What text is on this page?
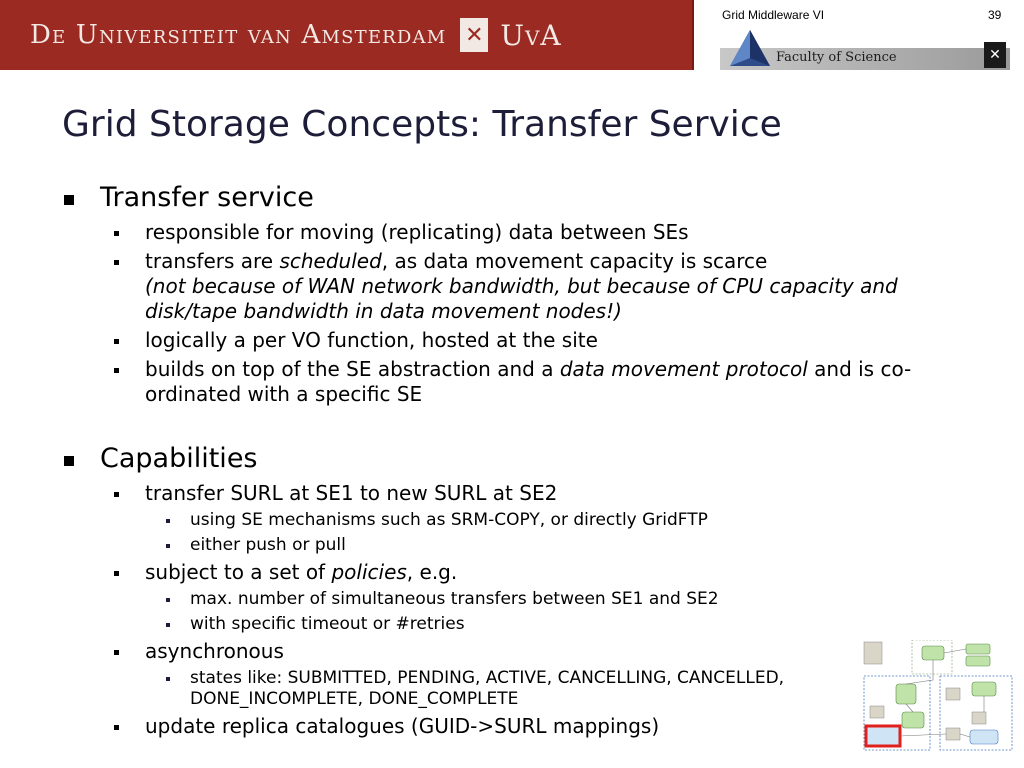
De Universiteit van Amsterdam ✕ UvA
Grid Middleware VI	39
Faculty of Science	✕
Grid Storage Concepts: Transfer Service
Transfer service
responsible for moving (replicating) data between SEs
transfers are scheduled, as data movement capacity is scarce
(not because of WAN network bandwidth, but because of CPU capacity and disk/tape bandwidth in data movement nodes!)
logically a per VO function, hosted at the site
builds on top of the SE abstraction and a data movement protocol and is co-ordinated with a specific SE
Capabilities
transfer SURL at SE1 to new SURL at SE2
using SE mechanisms such as SRM-COPY, or directly GridFTP
either push or pull
subject to a set of policies, e.g.
max. number of simultaneous transfers between SE1 and SE2
with specific timeout or #retries
asynchronous
states like: SUBMITTED, PENDING, ACTIVE, CANCELLING, CANCELLED, DONE_INCOMPLETE, DONE_COMPLETE
update replica catalogues (GUID->SURL mappings)
